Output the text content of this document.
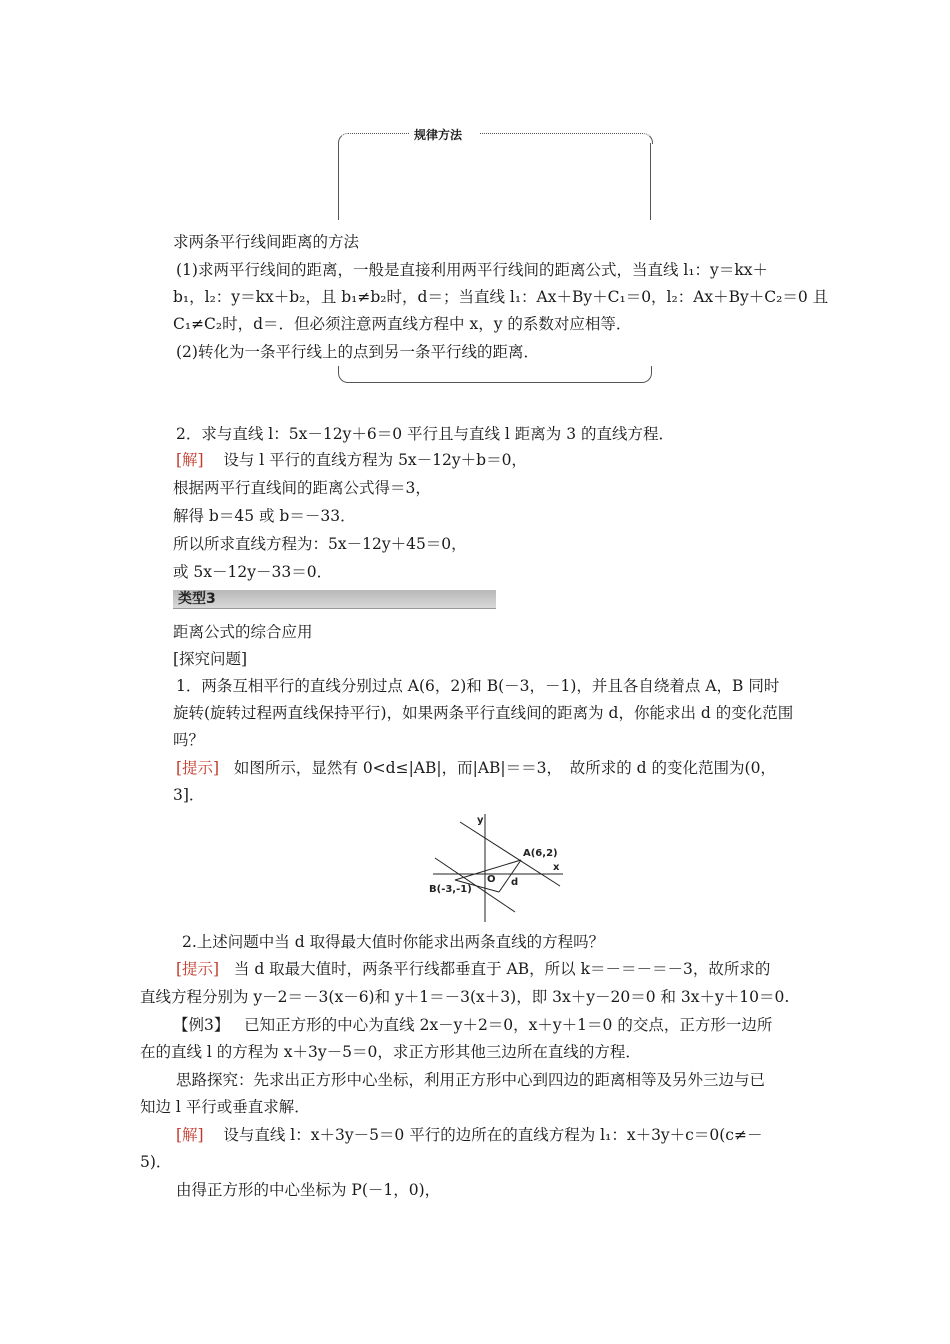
规律方法
求两条平行线间距离的方法
(1)求两平行线间的距离，一般是直接利用两平行线间的距离公式，当直线 l₁：y＝kx＋
b₁，l₂：y＝kx＋b₂，且 b₁≠b₂时，d＝；当直线 l₁：Ax＋By＋C₁＝0，l₂：Ax＋By＋C₂＝0 且
C₁≠C₂时，d＝．但必须注意两直线方程中 x，y 的系数对应相等．
(2)转化为一条平行线上的点到另一条平行线的距离．
2．求与直线 l：5x－12y＋6＝0 平行且与直线 l 距离为 3 的直线方程．
[解] 设与 l 平行的直线方程为 5x－12y＋b＝0，
根据两平行直线间的距离公式得＝3，
解得 b＝45 或 b＝－33．
所以所求直线方程为：5x－12y＋45＝0，
或 5x－12y－33＝0．
类型3
距离公式的综合应用
[探究问题]
1．两条互相平行的直线分别过点 A(6，2)和 B(－3，－1)，并且各自绕着点 A，B 同时
旋转(旋转过程两直线保持平行)，如果两条平行直线间的距离为 d，你能求出 d 的变化范围
吗？
[提示] 如图所示，显然有 0<d≤|AB|，而|AB|＝＝3，　故所求的 d 的变化范围为(0，
3]．
y
x
A(6,2)
B(-3,-1)
O d
2.上述问题中当 d 取得最大值时你能求出两条直线的方程吗？
[提示] 当 d 取最大值时，两条平行线都垂直于 AB，所以 k＝－＝－＝－3，故所求的
直线方程分别为 y－2＝－3(x－6)和 y＋1＝－3(x＋3)，即 3x＋y－20＝0 和 3x＋y＋10＝0.
【例3】 已知正方形的中心为直线 2x－y＋2＝0，x＋y＋1＝0 的交点，正方形一边所
在的直线 l 的方程为 x＋3y－5＝0，求正方形其他三边所在直线的方程．
思路探究：先求出正方形中心坐标，利用正方形中心到四边的距离相等及另外三边与已
知边 l 平行或垂直求解．
[解] 设与直线 l：x＋3y－5＝0 平行的边所在的直线方程为 l₁：x＋3y＋c＝0(c≠－
5)．
由得正方形的中心坐标为 P(－1，0)，
